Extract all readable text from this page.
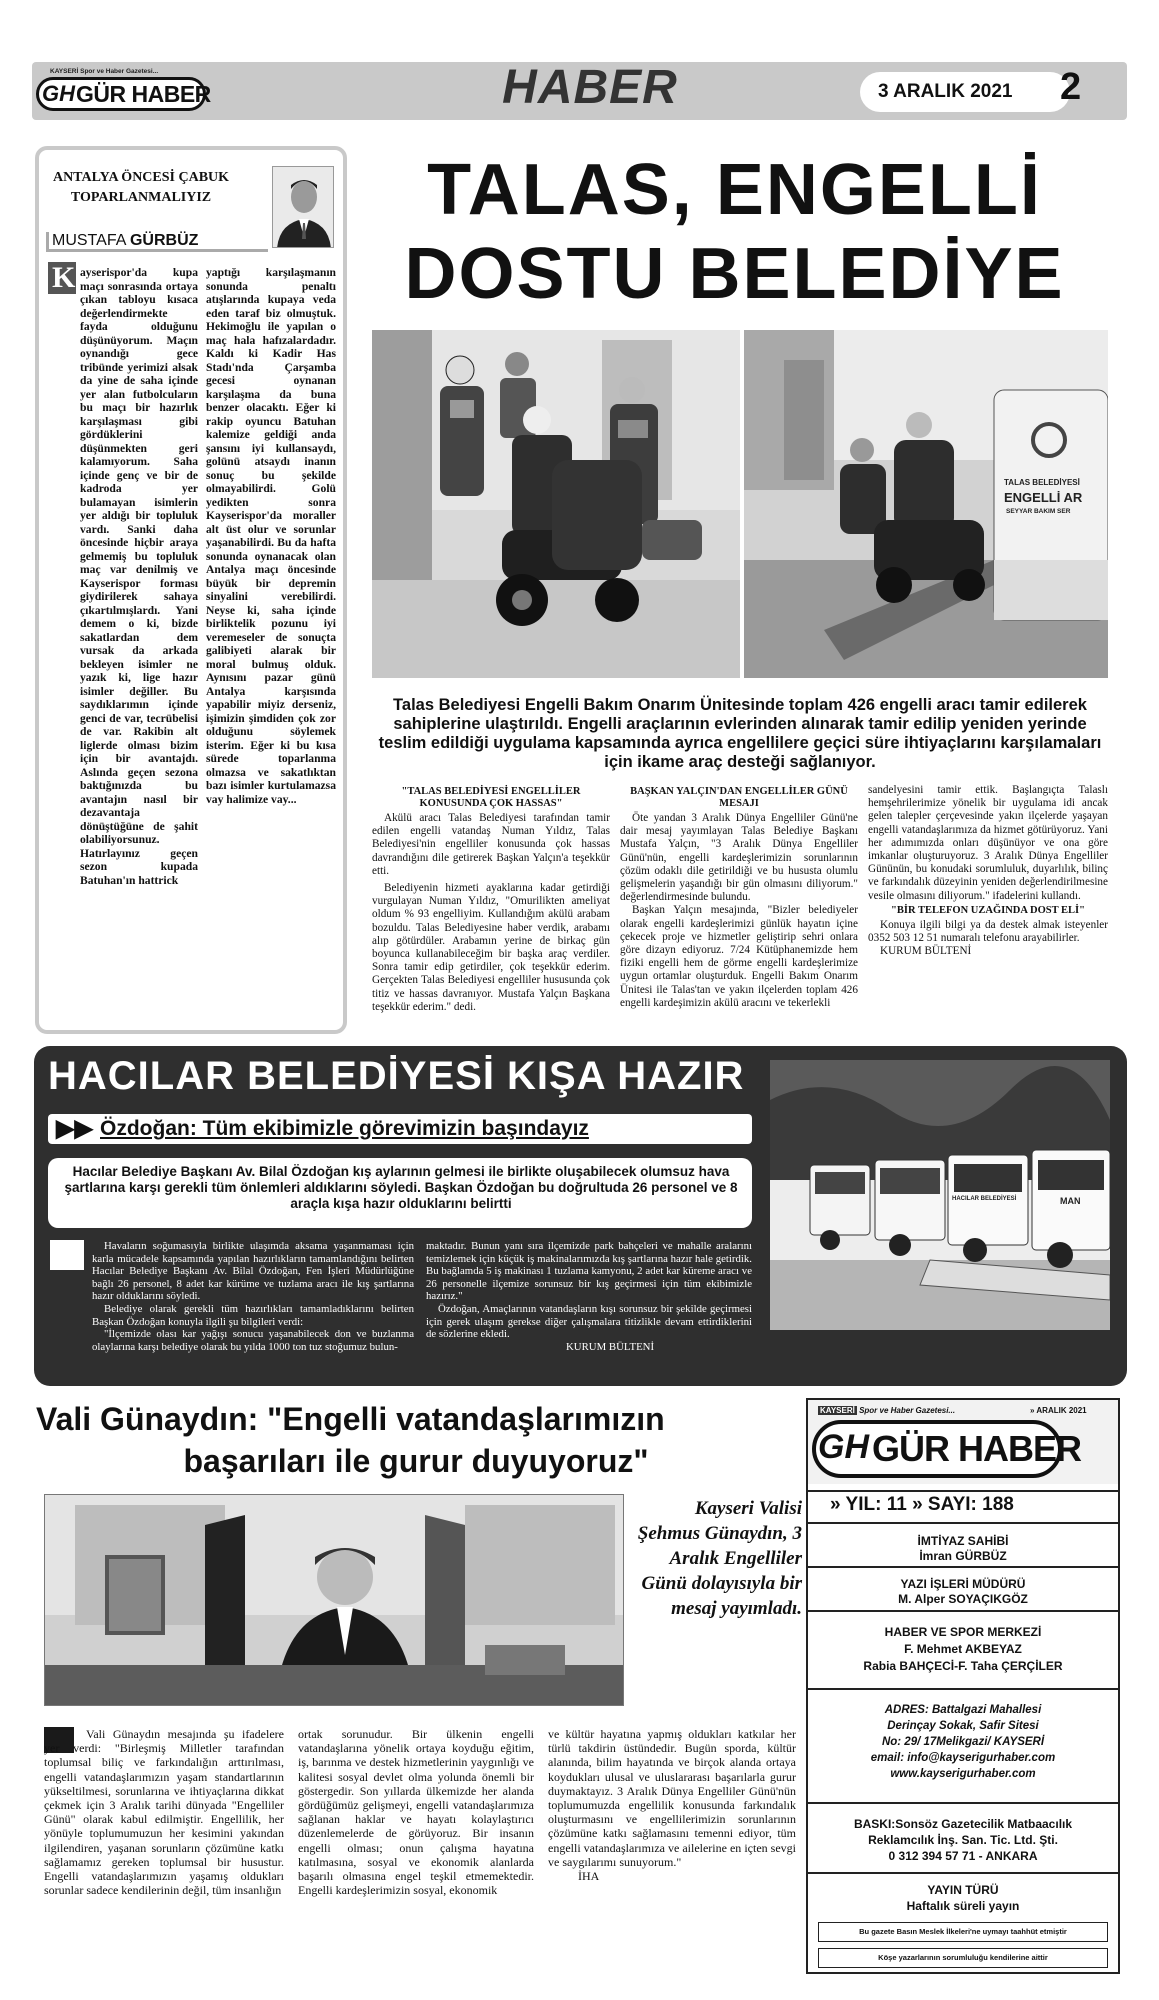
KAYSERİ Spor ve Haber Gazetesi...
GH GÜR HABER	HABER	3 ARALIK 2021 2
ANTALYA ÖNCESİ ÇABUK
TOPARLANMALIYIZ
MUSTAFA GÜRBÜZ
K ayserispor'da kupa maçı sonrasında ortaya çıkan tabloyu kısaca değerlendirmekte fayda olduğunu düşünüyorum. Maçın oynandığı gece tribünde yerimizi alsak da yine de saha içinde yer alan futbolcuların bu maçı bir hazırlık karşılaşması gibi gördüklerini düşünmekten geri kalamıyorum. Saha içinde genç ve bir de kadroda yer bulamayan isimlerin yer aldığı bir topluluk vardı. Sanki daha öncesinde hiçbir araya gelmemiş bu topluluk maç var denilmiş ve Kayserispor forması giydirilerek sahaya çıkartılmışlardı. Yani demem o ki, bizde sakatlardan dem vursak da arkada bekleyen isimler ne yazık ki, lige hazır isimler değiller. Bu saydıklarımın içinde genci de var, tecrübelisi de var. Rakibin alt liglerde olması bizim için bir avantajdı. Aslında geçen sezona baktığınızda bu avantajın nasıl bir dezavantaja dönüştüğüne de şahit olabiliyorsunuz. Hatırlayınız geçen sezon kupada Batuhan'ın hattrick
yaptığı karşılaşmanın sonunda penaltı atışlarında kupaya veda eden taraf biz olmuştuk. Hekimoğlu ile yapılan o maç hala hafızalardadır. Kaldı ki Kadir Has Stadı'nda Çarşamba gecesi oynanan karşılaşma da buna benzer olacaktı. Eğer ki rakip oyuncu Batuhan kalemize geldiği anda şansını iyi kullansaydı, golünü atsaydı inanın sonuç bu şekilde olmayabilirdi. Golü yedikten sonra Kayserispor'da moraller alt üst olur ve sorunlar yaşanabilirdi. Bu da hafta sonunda oynanacak olan Antalya maçı öncesinde büyük bir depremin sinyalini verebilirdi. Neyse ki, saha içinde birliktelik pozunu iyi veremeseler de sonuçta galibiyeti alarak bir moral bulmuş olduk. Aynısını pazar günü Antalya karşısında yapabilir miyiz derseniz, işimizin şimdiden çok zor olduğunu söylemek isterim. Eğer ki bu kısa sürede toparlanma olmazsa ve sakatlıktan bazı isimler kurtulamazsa vay halimize vay...
TALAS, ENGELLİ
DOSTU BELEDİYE
TALAS BELEDİYESİ
ENGELLİ AR
SEYYAR BAKIM SER
Talas Belediyesi Engelli Bakım Onarım Ünitesinde toplam 426 engelli aracı tamir edilerek sahiplerine ulaştırıldı. Engelli araçlarının evlerinden alınarak tamir edilip yeniden yerinde teslim edildiği uygulama kapsamında ayrıca engellilere geçici süre ihtiyaçlarını karşılamaları için ikame araç desteği sağlanıyor.

"TALAS BELEDİYESİ ENGELLİLER KONUSUNDA ÇOK HASSAS"

Akülü aracı Talas Belediyesi tarafından tamir edilen engelli vatandaş Numan Yıldız, Talas Belediyesi'nin engelliler konusunda çok hassas davrandığını dile getirerek Başkan Yalçın'a teşekkür etti.

Belediyenin hizmeti ayaklarına kadar getirdiği vurgulayan Numan Yıldız, "Omurilikten ameliyat oldum % 93 engelliyim. Kullandığım akülü arabam bozuldu. Talas Belediyesine haber verdik, arabamı alıp götürdüler. Arabamın yerine de birkaç gün boyunca kullanabileceğim bir başka araç verdiler. Sonra tamir edip getirdiler, çok teşekkür ederim. Gerçekten Talas Belediyesi engelliler hususunda çok titiz ve hassas davranıyor. Mustafa Yalçın Başkana teşekkür ederim." dedi.

BAŞKAN YALÇIN'DAN ENGELLİLER GÜNÜ MESAJI

Öte yandan 3 Aralık Dünya Engelliler Günü'ne dair mesaj yayımlayan Talas Belediye Başkanı Mustafa Yalçın, "3 Aralık Dünya Engelliler Günü'nün, engelli kardeşlerimizin sorunlarının çözüm odaklı dile getirildiği ve bu hususta olumlu gelişmelerin yaşandığı bir gün olmasını diliyorum." değerlendirmesinde bulundu.

Başkan Yalçın mesajında, "Bizler belediyeler olarak engelli kardeşlerimizi günlük hayatın içine çekecek proje ve hizmetler geliştirip sehri onlara göre dizayn ediyoruz. 7/24 Kütüphanemizde hem fiziki engelli hem de görme engelli kardeşlerimize uygun ortamlar oluşturduk. Engelli Bakım Onarım Ünitesi ile Talas'tan ve yakın ilçelerden toplam 426 engelli kardeşimizin akülü aracını ve tekerlekli

sandelyesini tamir ettik. Başlangıçta Talaslı hemşehrilerimize yönelik bir uygulama idi ancak gelen talepler çerçevesinde yakın ilçelerde yaşayan engelli vatandaşlarımıza da hizmet götürüyoruz. Yani her adımımızda onları düşünüyor ve ona göre imkanlar oluşturuyoruz. 3 Aralık Dünya Engelliler Gününün, bu konudaki sorumluluk, duyarlılık, bilinç ve farkındalık düzeyinin yeniden değerlendirilmesine vesile olmasını diliyorum." ifadelerini kullandı.

"BİR TELEFON UZAĞINDA DOST ELİ"

Konuya ilgili bilgi ya da destek almak isteyenler 0352 503 12 51 numaralı telefonu arayabilirler.

KURUM BÜLTENİ

HACILAR BELEDİYESİ KIŞA HAZIR
▶▶ Özdoğan: Tüm ekibimizle görevimizin başındayız
Hacılar Belediye Başkanı Av. Bilal Özdoğan kış aylarının gelmesi ile birlikte oluşabilecek olumsuz hava şartlarına karşı gerekli tüm önlemleri aldıklarını söyledi. Başkan Özdoğan bu doğrultuda 26 personel ve 8 araçla kışa hazır olduklarını belirtti	HACILAR BELEDİYESİ	MAN

Havaların soğumasıyla birlikte ulaşımda aksama yaşanmaması için karla mücadele kapsamında yapılan hazırlıkların tamamlandığını belirten Hacılar Belediye Başkanı Av. Bilal Özdoğan, Fen İşleri Müdürlüğüne bağlı 26 personel, 8 adet kar kürüme ve tuzlama aracı ile kış şartlarına hazır olduklarını söyledi.

Belediye olarak gerekli tüm hazırlıkları tamamladıklarını belirten Başkan Özdoğan konuyla ilgili şu bilgileri verdi:

"İlçemizde olası kar yağışı sonucu yaşanabilecek don ve buzlanma olaylarına karşı belediye olarak bu yılda 1000 ton tuz stoğumuz bulun-

maktadır. Bunun yanı sıra ilçemizde park bahçeleri ve mahalle aralarını temizlemek için küçük iş makinalarımızda kış şartlarına hazır hale getirdik. Bu bağlamda 5 iş makinası 1 tuzlama kamyonu, 2 adet kar küreme aracı ve 26 personelle ilçemize sorunsuz bir kış geçirmesi için tüm ekibimizle hazırız."

Özdoğan, Amaçlarının vatandaşların kışı sorunsuz bir şekilde geçirmesi için gerek ulaşım gerekse diğer çalışmalara titizlikle devam ettirdiklerini de sözlerine ekledi.

KURUM BÜLTENİ

Vali Günaydın: "Engelli vatandaşlarımızın
başarıları ile gurur duyuyoruz"
Kayseri Valisi Şehmus Günaydın, 3 Aralık Engelliler Günü dolayısıyla bir mesaj yayımladı.

Vali Günaydın mesajında şu ifadelere yer verdi: "Birleşmiş Milletler tarafından toplumsal biliç ve farkındalığın arttırılması, engelli vatandaşlarımızın yaşam standartlarının yükseltilmesi, sorunlarına ve ihtiyaçlarına dikkat çekmek için 3 Aralık tarihi dünyada "Engelliler Günü" olarak kabul edilmiştir. Engellilik, her yönüyle toplumumuzun her kesimini yakından ilgilendiren, yaşanan sorunların çözümüne katkı sağlamamız gereken toplumsal bir husustur. Engelli vatandaşlarımızın yaşamış oldukları sorunlar sadece kendilerinin değil, tüm insanlığın

ortak sorunudur. Bir ülkenin engelli vatandaşlarına yönelik ortaya koyduğu eğitim, iş, barınma ve destek hizmetlerinin yaygınlığı ve kalitesi sosyal devlet olma yolunda önemli bir göstergedir. Son yıllarda ülkemizde her alanda gördüğümüz gelişmeyi, engelli vatandaşlarımıza sağlanan haklar ve hayatı kolaylaştırıcı düzenlemelerde de görüyoruz. Bir insanın engelli olması; onun çalışma hayatına katılmasına, sosyal ve ekonomik alanlarda başarılı olmasına engel teşkil etmemektedir. Engelli kardeşlerimizin sosyal, ekonomik

ve kültür hayatına yapmış oldukları katkılar her türlü takdirin üstündedir. Bugün sporda, kültür alanında, bilim hayatında ve birçok alanda ortaya koydukları ulusal ve uluslararası başarılarla gurur duymaktayız. 3 Aralık Dünya Engelliler Günü'nün toplumumuzda engellilik konusunda farkındalık oluşturmasını ve engellilerimizin sorunlarının çözümüne katkı sağlamasını temenni ediyor, tüm engelli vatandaşlarımıza ve ailelerine en içten sevgi ve saygılarımı sunuyorum."

İHA

KAYSERİ Spor ve Haber Gazetesi...	» ARALIK 2021
GH GÜR HABER
» YIL: 11 » SAYI: 188
İMTİYAZ SAHİBİ
İmran GÜRBÜZ
YAZI İŞLERİ MÜDÜRÜ
M. Alper SOYAÇIKGÖZ
HABER VE SPOR MERKEZİ
F. Mehmet AKBEYAZ
Rabia BAHÇECİ-F. Taha ÇERÇİLER
ADRES: Battalgazi Mahallesi
Derinçay Sokak, Safir Sitesi
No: 29/ 17Melikgazi/ KAYSERİ
email: info@kayserigurhaber.com
www.kayserigurhaber.com
BASKI:Sonsöz Gazetecilik Matbaacılık
Reklamcılık İnş. San. Tic. Ltd. Şti.
0 312 394 57 71 - ANKARA
YAYIN TÜRÜ
Haftalık süreli yayın
Bu gazete Basın Meslek İlkeleri'ne uymayı taahhüt etmiştir
Köşe yazarlarının sorumluluğu kendilerine aittir
